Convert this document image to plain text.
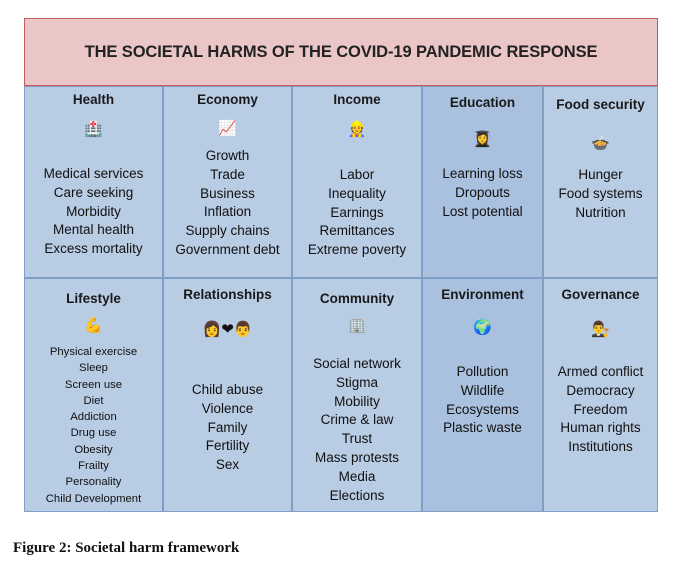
THE SOCIETAL HARMS OF THE COVID-19 PANDEMIC RESPONSE
Health
🏥
Medical services
Care seeking
Morbidity
Mental health
Excess mortality
Economy
📈
Growth
Trade
Business
Inflation
Supply chains
Government debt
Income
👷
Labor
Inequality
Earnings
Remittances
Extreme poverty
Education
👩‍🎓
Learning loss
Dropouts
Lost potential
Food security
🍲
Hunger
Food systems
Nutrition
Lifestyle
💪
Physical exercise
Sleep
Screen use
Diet
Addiction
Drug use
Obesity
Frailty
Personality
Child Development
Relationships
👩❤👨
Child abuse
Violence
Family
Fertility
Sex
Community
🏢
Social network
Stigma
Mobility
Crime & law
Trust
Mass protests
Media
Elections
Environment
🌍
Pollution
Wildlife
Ecosystems
Plastic waste
Governance
👨‍⚖️
Armed conflict
Democracy
Freedom
Human rights
Institutions
Figure 2: Societal harm framework
